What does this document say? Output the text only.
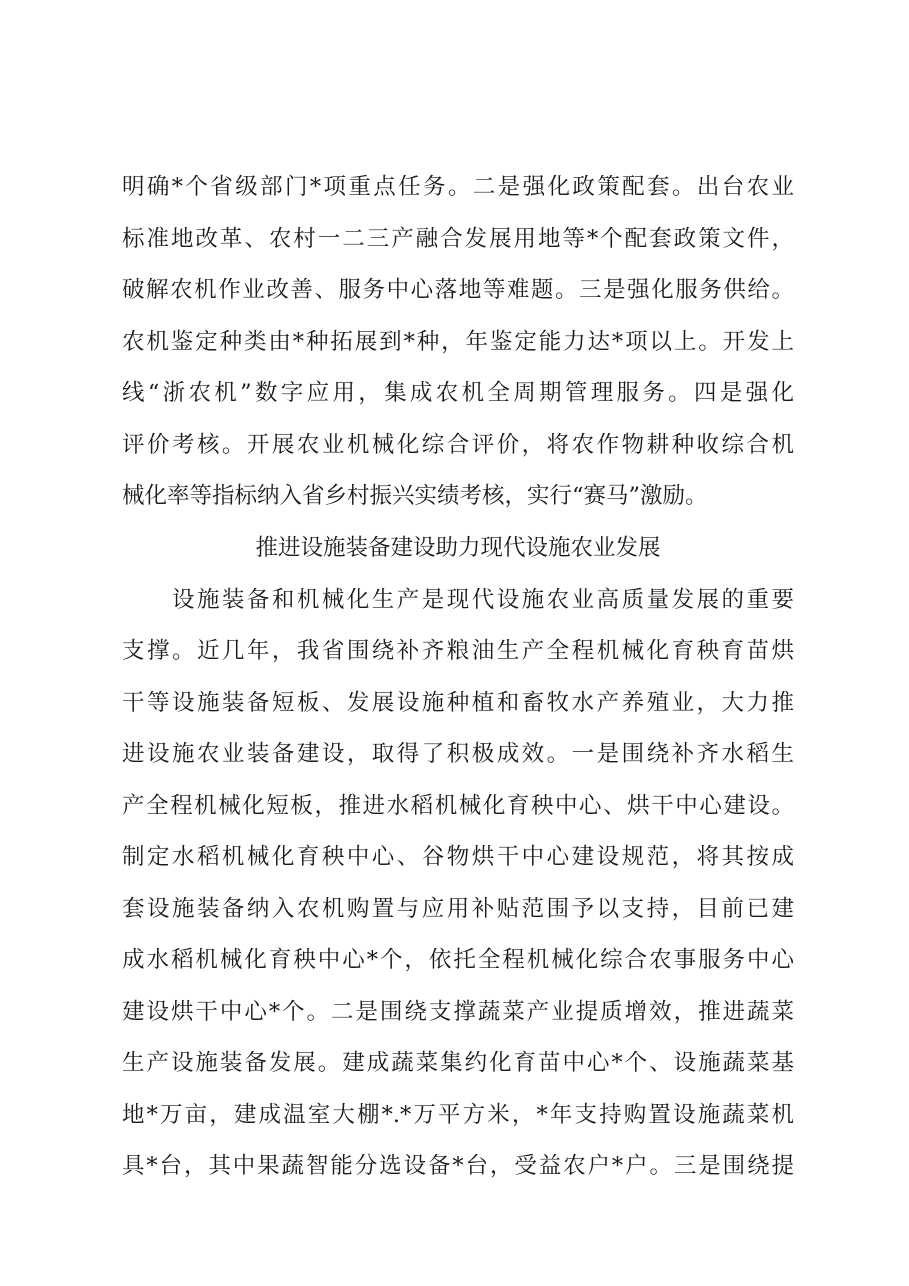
明确*个省级部门*项重点任务。二是强化政策配套。出台农业
标准地改革、农村一二三产融合发展用地等*个配套政策文件，
破解农机作业改善、服务中心落地等难题。三是强化服务供给。
农机鉴定种类由*种拓展到*种，年鉴定能力达*项以上。开发上
线“浙农机”数字应用，集成农机全周期管理服务。四是强化
评价考核。开展农业机械化综合评价，将农作物耕种收综合机
械化率等指标纳入省乡村振兴实绩考核，实行“赛马”激励。
推进设施装备建设助力现代设施农业发展
　　设施装备和机械化生产是现代设施农业高质量发展的重要
支撑。近几年，我省围绕补齐粮油生产全程机械化育秧育苗烘
干等设施装备短板、发展设施种植和畜牧水产养殖业，大力推
进设施农业装备建设，取得了积极成效。一是围绕补齐水稻生
产全程机械化短板，推进水稻机械化育秧中心、烘干中心建设。
制定水稻机械化育秧中心、谷物烘干中心建设规范，将其按成
套设施装备纳入农机购置与应用补贴范围予以支持，目前已建
成水稻机械化育秧中心*个，依托全程机械化综合农事服务中心
建设烘干中心*个。二是围绕支撑蔬菜产业提质增效，推进蔬菜
生产设施装备发展。建成蔬菜集约化育苗中心*个、设施蔬菜基
地*万亩，建成温室大棚*.*万平方米，*年支持购置设施蔬菜机
具*台，其中果蔬智能分选设备*台，受益农户*户。三是围绕提
